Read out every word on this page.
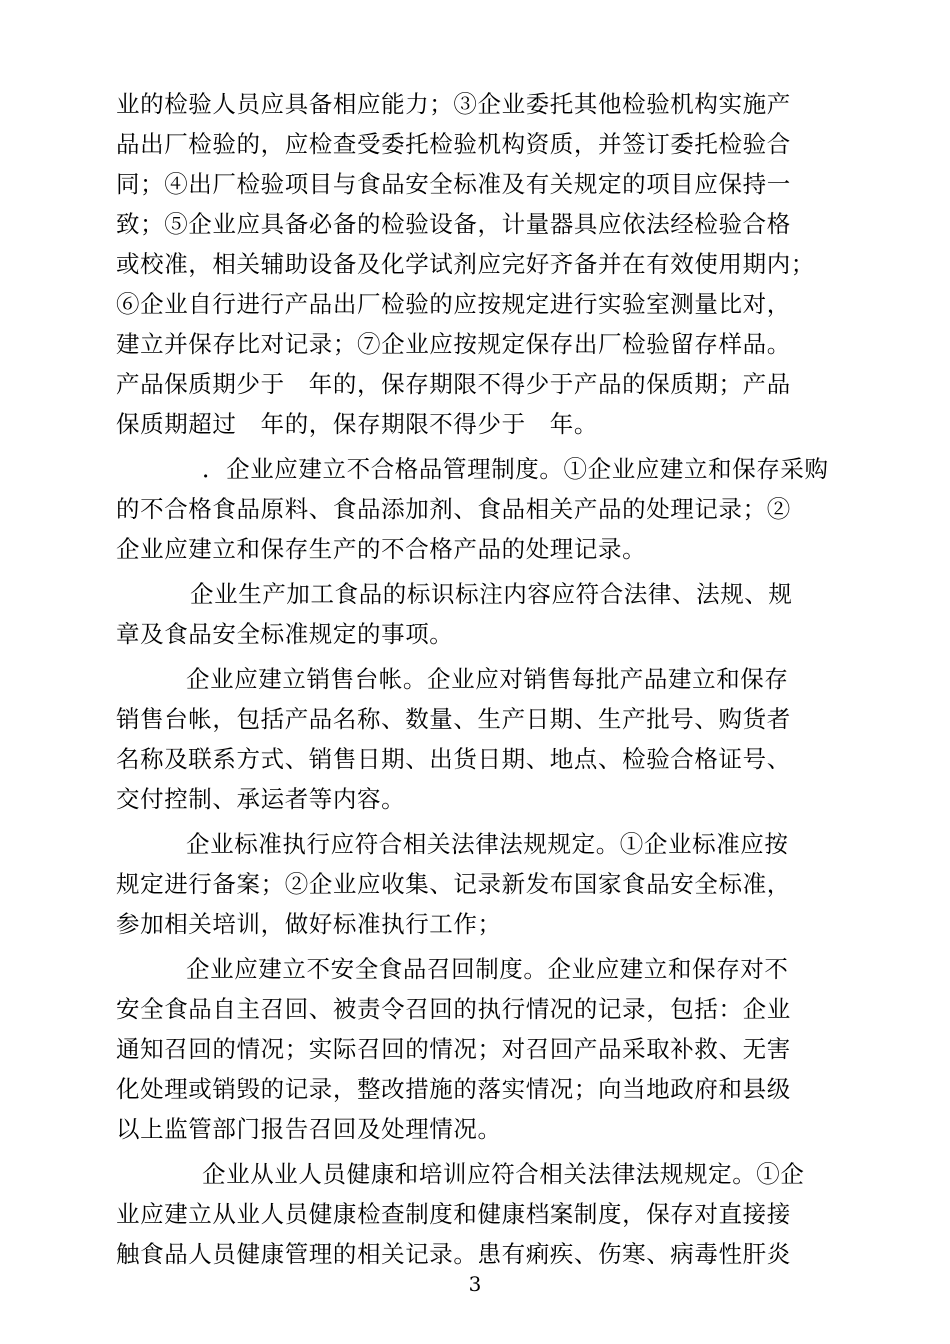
业的检验人员应具备相应能力；③企业委托其他检验机构实施产
品出厂检验的，应检查受委托检验机构资质，并签订委托检验合
同；④出厂检验项目与食品安全标准及有关规定的项目应保持一
致；⑤企业应具备必备的检验设备，计量器具应依法经检验合格
或校准，相关辅助设备及化学试剂应完好齐备并在有效使用期内；
⑥企业自行进行产品出厂检验的应按规定进行实验室测量比对，
建立并保存比对记录；⑦企业应按规定保存出厂检验留存样品。
产品保质期少于　年的，保存期限不得少于产品的保质期；产品
保质期超过　年的，保存期限不得少于　年。
．企业应建立不合格品管理制度。①企业应建立和保存采购
的不合格食品原料、食品添加剂、食品相关产品的处理记录；②
企业应建立和保存生产的不合格产品的处理记录。
企业生产加工食品的标识标注内容应符合法律、法规、规
章及食品安全标准规定的事项。
企业应建立销售台帐。企业应对销售每批产品建立和保存
销售台帐，包括产品名称、数量、生产日期、生产批号、购货者
名称及联系方式、销售日期、出货日期、地点、检验合格证号、
交付控制、承运者等内容。
企业标准执行应符合相关法律法规规定。①企业标准应按
规定进行备案；②企业应收集、记录新发布国家食品安全标准，
参加相关培训，做好标准执行工作；
企业应建立不安全食品召回制度。企业应建立和保存对不
安全食品自主召回、被责令召回的执行情况的记录，包括：企业
通知召回的情况；实际召回的情况；对召回产品采取补救、无害
化处理或销毁的记录，整改措施的落实情况；向当地政府和县级
以上监管部门报告召回及处理情况。
企业从业人员健康和培训应符合相关法律法规规定。①企
业应建立从业人员健康检查制度和健康档案制度，保存对直接接
触食品人员健康管理的相关记录。患有痢疾、伤寒、病毒性肝炎
3
